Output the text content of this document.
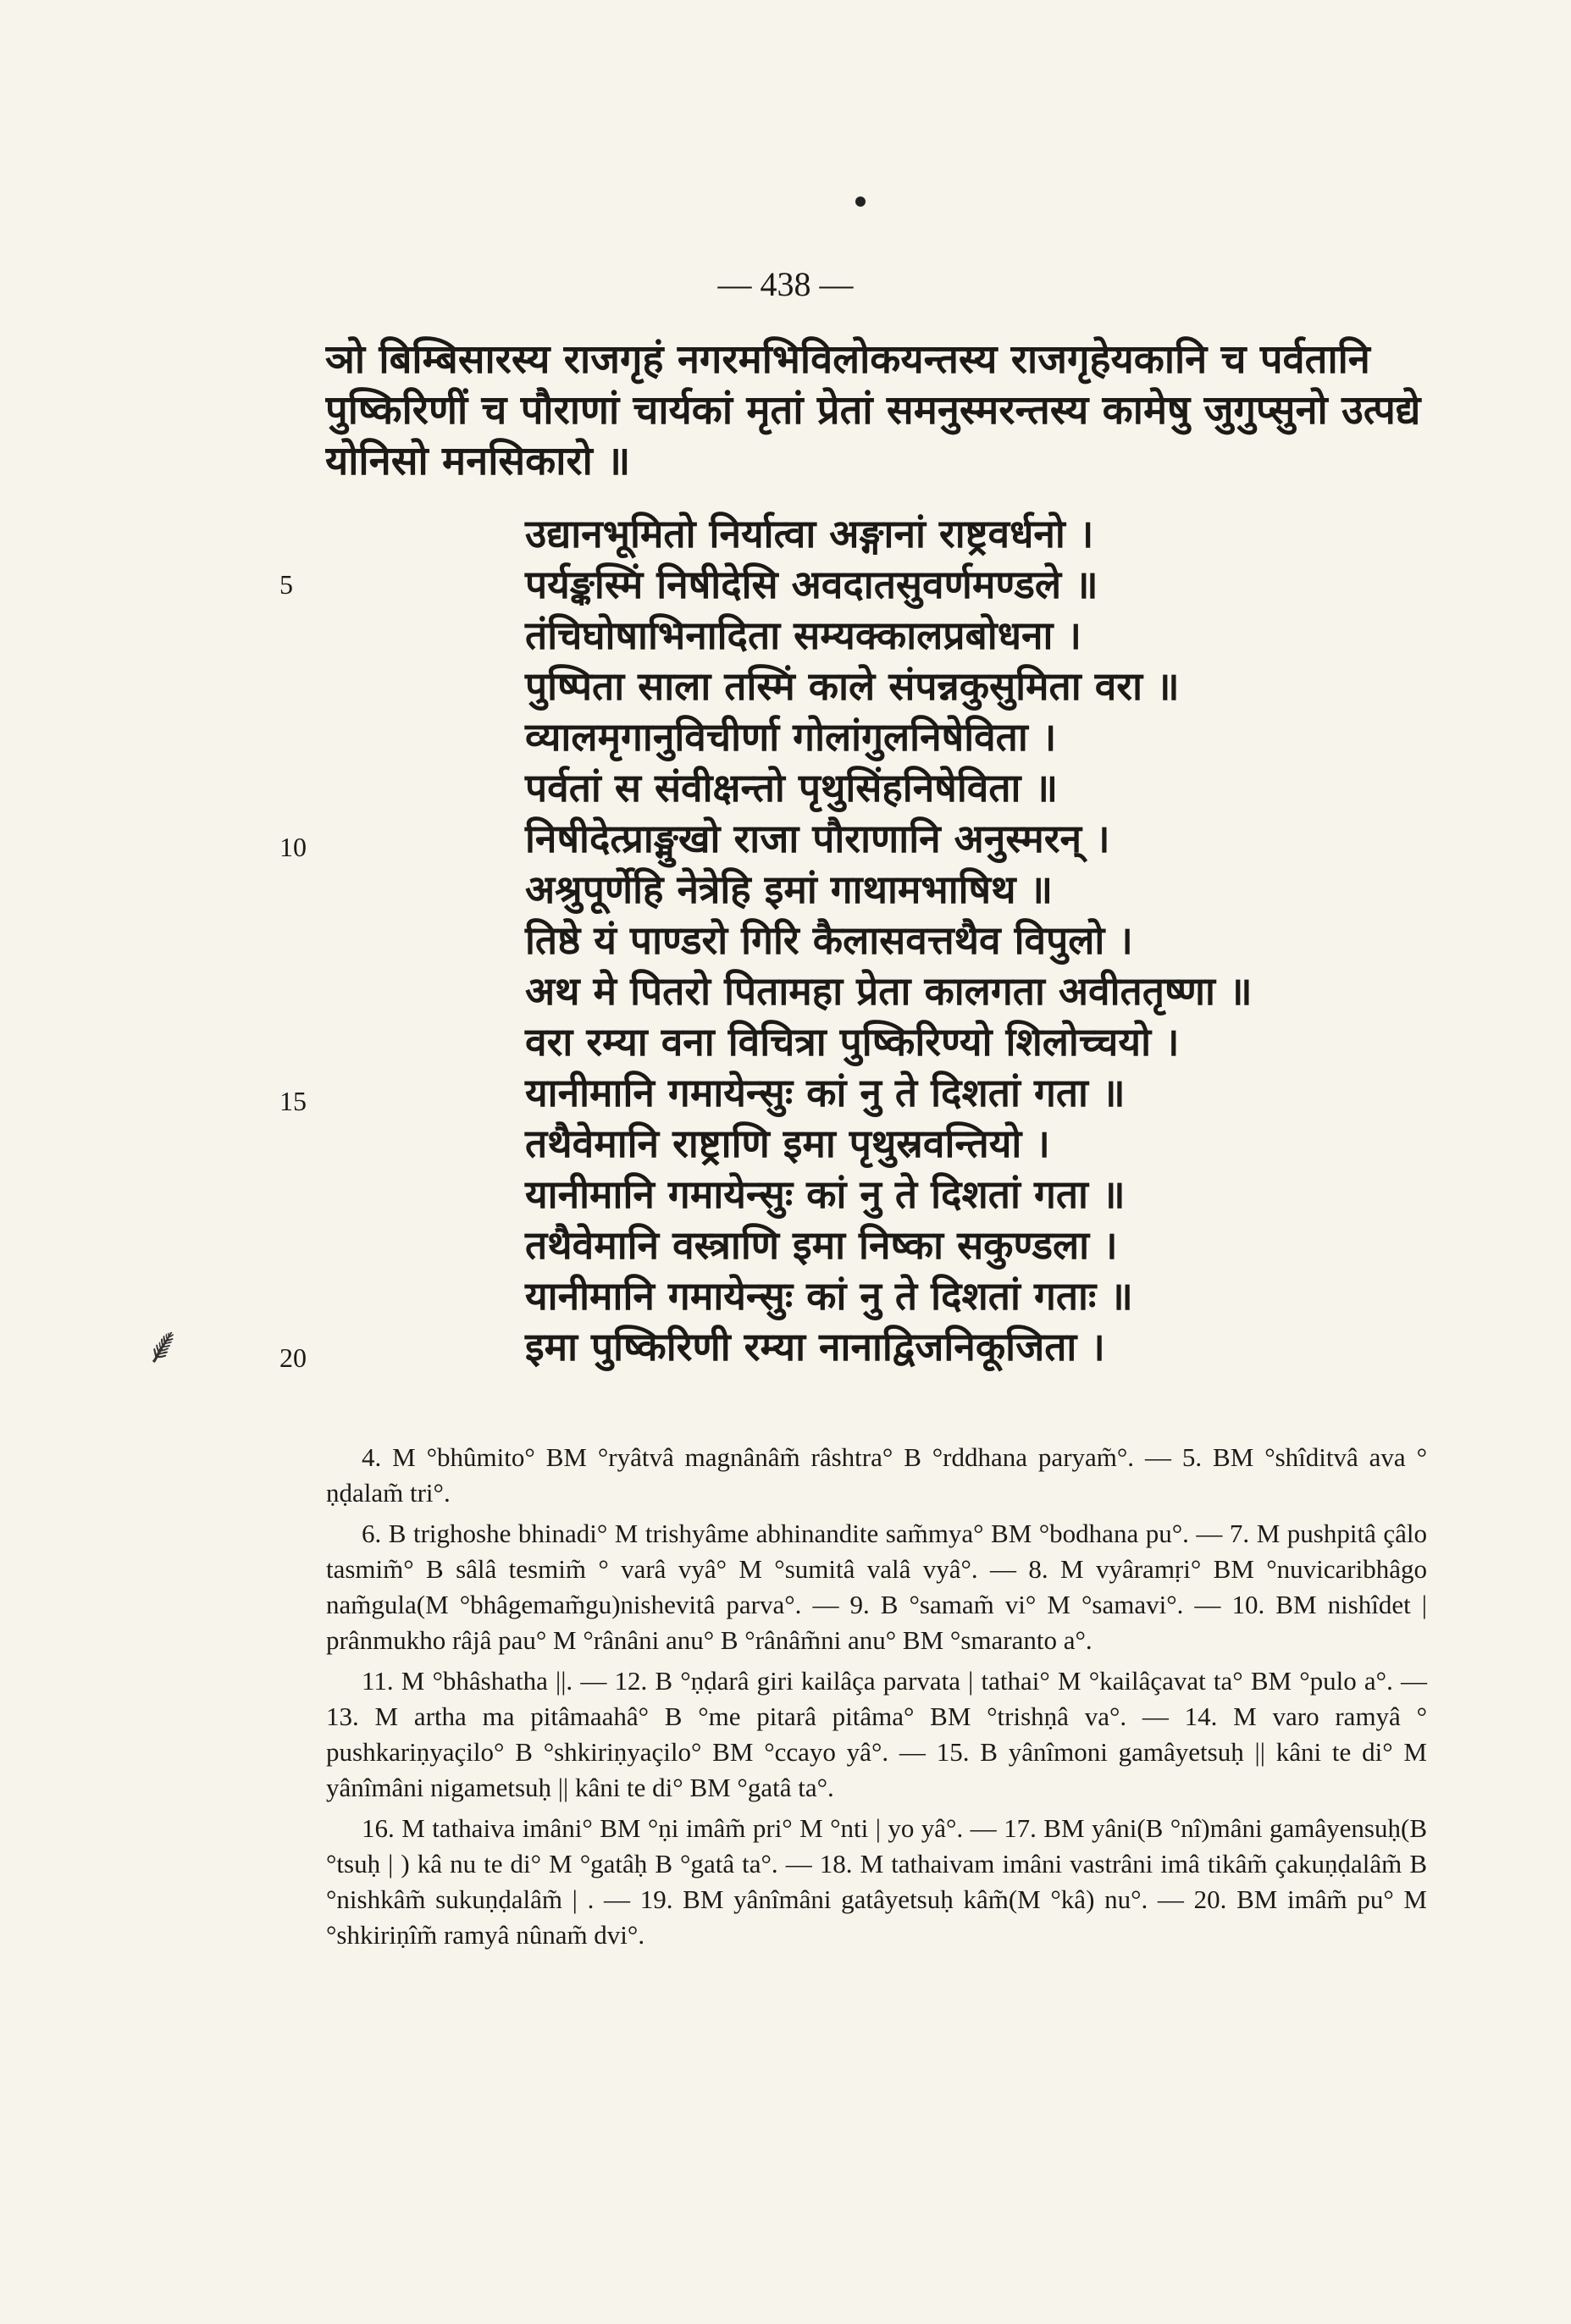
⸙
— 438 —
ञो बिम्बिसारस्य राजगृहं नगरमभिविलोकयन्तस्य राजगृहेयकानि च पर्वतानि
पुष्किरिणीं च पौराणां चार्यकां मृतां प्रेतां समनुस्मरन्तस्य कामेषु जुगुप्सुनो उत्पद्ये
योनिसो मनसिकारो ॥
उद्यानभूमितो निर्यात्वा अङ्गानां राष्ट्रवर्धनो ।
पर्यङ्कस्मिं निषीदेसि अवदातसुवर्णमण्डले ॥
तंचिघोषाभिनादिता सम्यक्कालप्रबोधना ।
पुष्पिता साला तस्मिं काले संपन्नकुसुमिता वरा ॥
व्यालमृगानुविचीर्णा गोलांगुलनिषेविता ।
पर्वतां स संवीक्षन्तो पृथुसिंहनिषेविता ॥
निषीदेत्प्राङ्मुखो राजा पौराणानि अनुस्मरन् ।
अश्रुपूर्णेहि नेत्रेहि इमां गाथामभाषिथ ॥
तिष्ठे यं पाण्डरो गिरि कैलासवत्तथैव विपुलो ।
अथ मे पितरो पितामहा प्रेता कालगता अवीततृष्णा ॥
वरा रम्या वना विचित्रा पुष्किरिण्यो शिलोच्चयो ।
यानीमानि गमायेन्सुः कां नु ते दिशतां गता ॥
तथैवेमानि राष्ट्राणि इमा पृथुस्रवन्तियो ।
यानीमानि गमायेन्सुः कां नु ते दिशतां गता ॥
तथैवेमानि वस्त्राणि इमा निष्का सकुण्डला ।
यानीमानि गमायेन्सुः कां नु ते दिशतां गताः ॥
इमा पुष्किरिणी रम्या नानाद्विजनिकूजिता ।
5
10
15
20

4. M °bhûmito° BM °ryâtvâ magnânâm̃ râshtra° B °rddhana paryam̃°. — 5. BM °shîditvâ ava ° ṇḍalam̃ tri°.

6. B trighoshe bhinadi° M trishyâme abhinandite sam̃mya° BM °bodhana pu°. — 7. M pushpitâ çâlo tasmim̃° B sâlâ tesmim̃ ° varâ vyâ° M °sumitâ valâ vyâ°. — 8. M vyâramṛi° BM °nuvicaribhâgo nam̃gula(M °bhâgemam̃gu)nishevitâ parva°. — 9. B °samam̃ vi° M °samavi°. — 10. BM nishîdet | prânmukho râjâ pau° M °rânâni anu° B °rânâm̃ni anu° BM °smaranto a°.

11. M °bhâshatha ||. — 12. B °ṇḍarâ giri kailâça parvata | tathai° M °kailâçavat ta° BM °pulo a°. — 13. M artha ma pitâmaahâ° B °me pitarâ pitâma° BM °trishṇâ va°. — 14. M varo ramyâ ° pushkariṇyaçilo° B °shkiriṇyaçilo° BM °ccayo yâ°. — 15. B yânîmoni gamâyetsuḥ || kâni te di° M yânîmâni nigametsuḥ || kâni te di° BM °gatâ ta°.

16. M tathaiva imâni° BM °ṇi imâm̃ pri° M °nti | yo yâ°. — 17. BM yâni(B °nî)mâni gamâyensuḥ(B °tsuḥ | ) kâ nu te di° M °gatâḥ B °gatâ ta°. — 18. M tathaivam imâni vastrâni imâ tikâm̃ çakuṇḍalâm̃ B °nishkâm̃ sukuṇḍalâm̃ | . — 19. BM yânîmâni gatâyetsuḥ kâm̃(M °kâ) nu°. — 20. BM imâm̃ pu° M °shkiriṇîm̃ ramyâ nûnam̃ dvi°.
